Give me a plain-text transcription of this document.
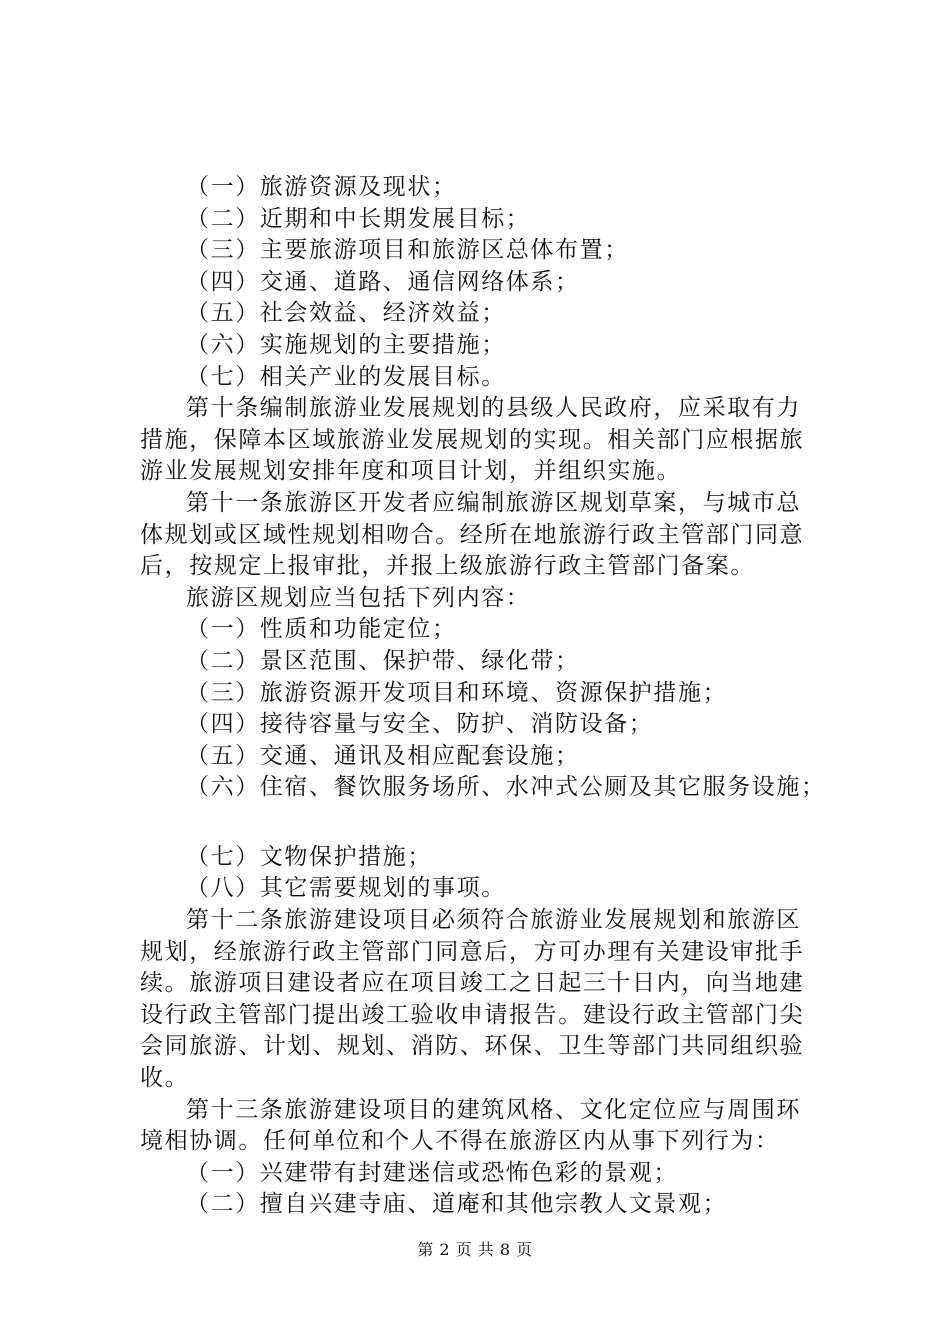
（一）旅游资源及现状；
（二）近期和中长期发展目标；
（三）主要旅游项目和旅游区总体布置；
（四）交通、道路、通信网络体系；
（五）社会效益、经济效益；
（六）实施规划的主要措施；
（七）相关产业的发展目标。
第十条编制旅游业发展规划的县级人民政府，应采取有力
措施，保障本区域旅游业发展规划的实现。相关部门应根据旅
游业发展规划安排年度和项目计划，并组织实施。
第十一条旅游区开发者应编制旅游区规划草案，与城市总
体规划或区域性规划相吻合。经所在地旅游行政主管部门同意
后，按规定上报审批，并报上级旅游行政主管部门备案。
旅游区规划应当包括下列内容：
（一）性质和功能定位；
（二）景区范围、保护带、绿化带；
（三）旅游资源开发项目和环境、资源保护措施；
（四）接待容量与安全、防护、消防设备；
（五）交通、通讯及相应配套设施；
（六）住宿、餐饮服务场所、水冲式公厕及其它服务设施；
（七）文物保护措施；
（八）其它需要规划的事项。
第十二条旅游建设项目必须符合旅游业发展规划和旅游区
规划，经旅游行政主管部门同意后，方可办理有关建设审批手
续。旅游项目建设者应在项目竣工之日起三十日内，向当地建
设行政主管部门提出竣工验收申请报告。建设行政主管部门尖
会同旅游、计划、规划、消防、环保、卫生等部门共同组织验
收。
第十三条旅游建设项目的建筑风格、文化定位应与周围环
境相协调。任何单位和个人不得在旅游区内从事下列行为：
（一）兴建带有封建迷信或恐怖色彩的景观；
（二）擅自兴建寺庙、道庵和其他宗教人文景观；
第 2 页 共 8 页
